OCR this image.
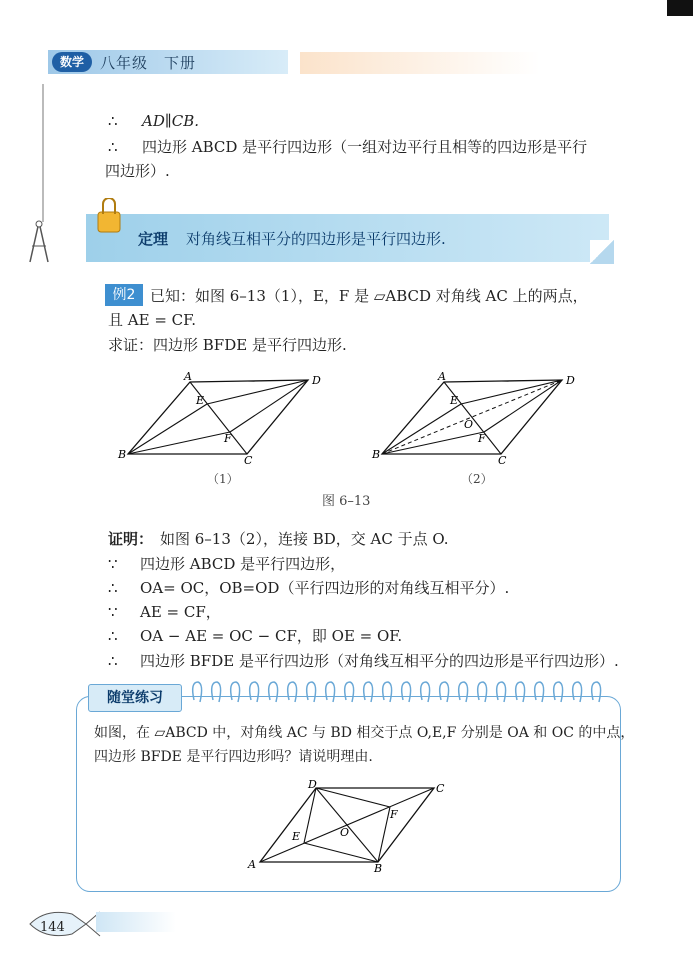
数学	八年级　下册
∴ AD∥CB.
∴ 四边形 ABCD 是平行四边形（一组对边平行且相等的四边形是平行
四边形）.
定理 对角线互相平分的四边形是平行四边形.
例2 已知：如图 6–13（1），E，F 是 ▱ABCD 对角线 AC 上的两点，
且 AE = CF.
求证：四边形 BFDE 是平行四边形.
A	D
B	C
E
F
（1）
A	D
B	C
E
F
O
（2）
图 6–13
证明： 如图 6–13（2），连接 BD，交 AC 于点 O.
∵ 四边形 ABCD 是平行四边形，
∴ OA= OC，OB=OD（平行四边形的对角线互相平分）.
∵ AE = CF，
∴ OA − AE = OC − CF，即 OE = OF.
∴ 四边形 BFDE 是平行四边形（对角线互相平分的四边形是平行四边形）.
随堂练习
如图，在 ▱ABCD 中，对角线 AC 与 BD 相交于点 O,E,F 分别是 OA 和 OC 的中点，
四边形 BFDE 是平行四边形吗？请说明理由.
D	C
A	B
E
F
O
144
